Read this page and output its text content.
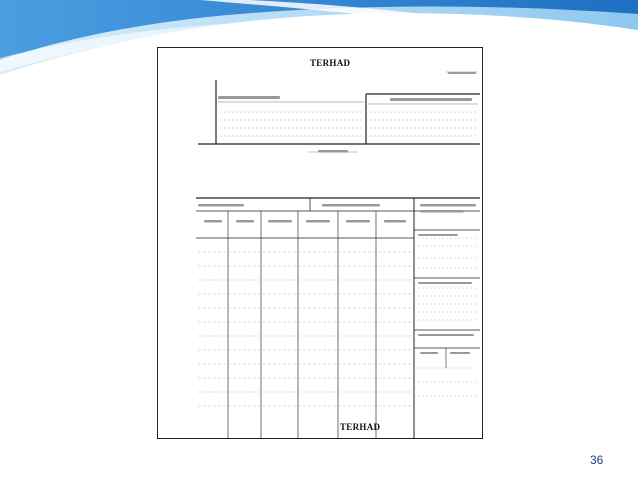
TERHAD
TERHAD
36
